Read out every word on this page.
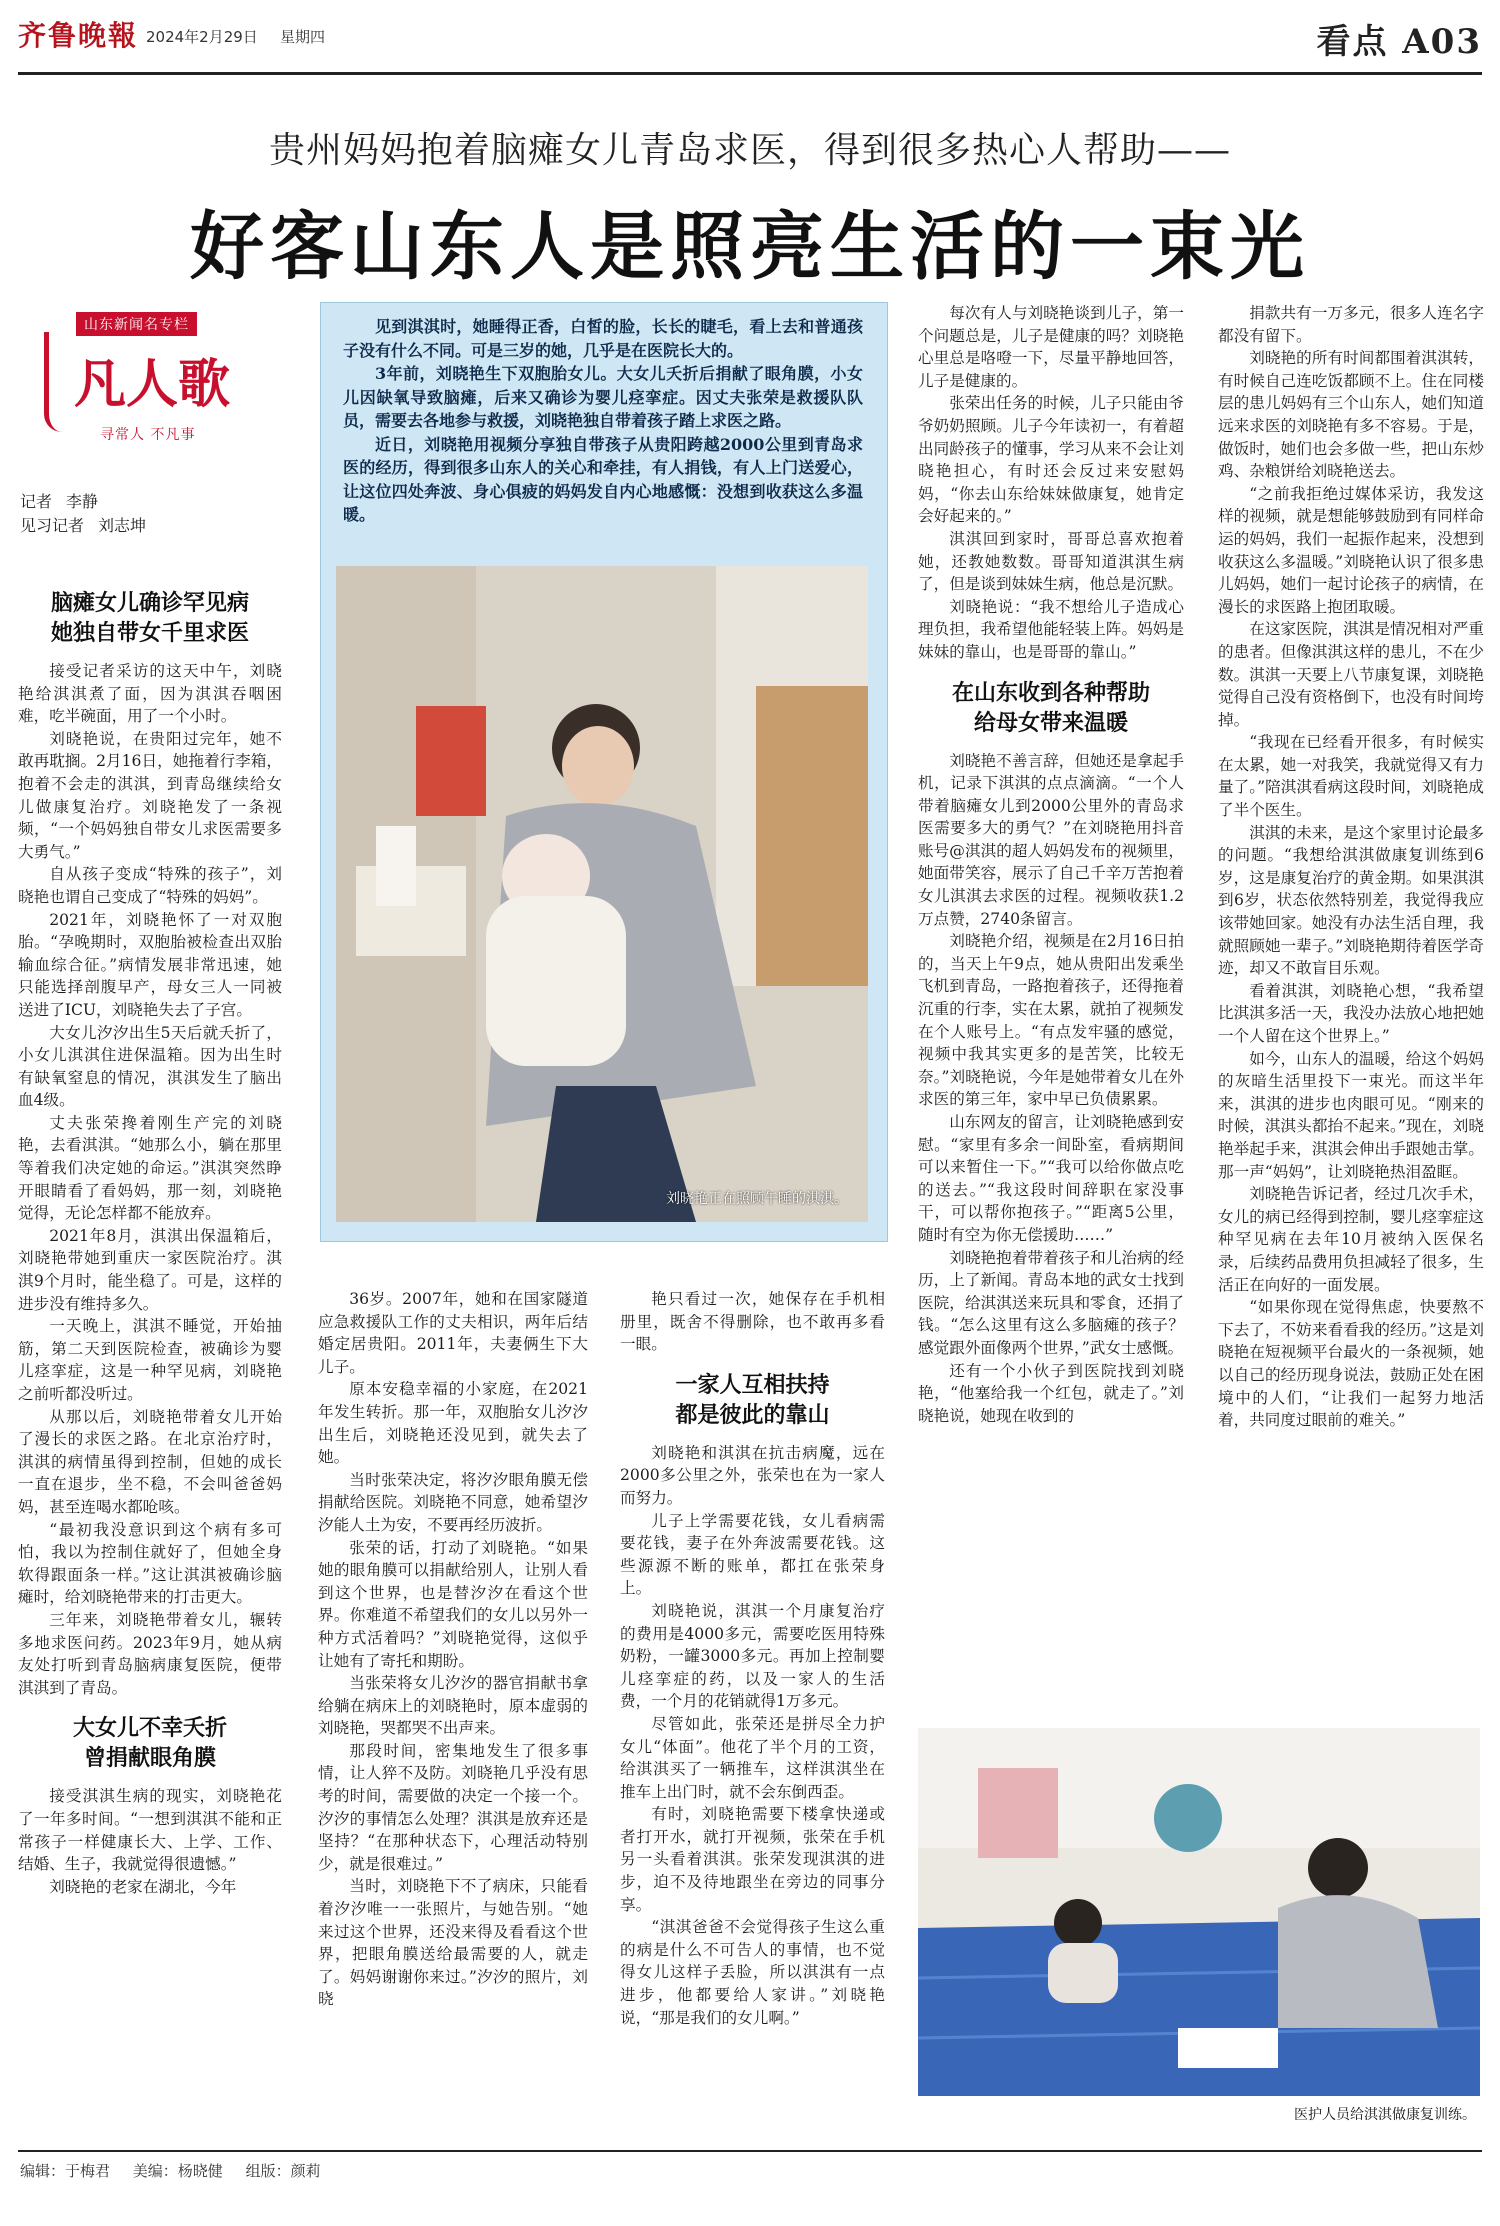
齐鲁晚報 2024年2月29日 星期四	看点 A03
贵州妈妈抱着脑瘫女儿青岛求医，得到很多热心人帮助——
好客山东人是照亮生活的一束光
山东新闻名专栏
凡人歌
寻常人 不凡事
记者 李静
见习记者 刘志坤
脑瘫女儿确诊罕见病
她独自带女千里求医

接受记者采访的这天中午，刘晓艳给淇淇煮了面，因为淇淇吞咽困难，吃半碗面，用了一个小时。

刘晓艳说，在贵阳过完年，她不敢再耽搁。2月16日，她拖着行李箱，抱着不会走的淇淇，到青岛继续给女儿做康复治疗。刘晓艳发了一条视频，“一个妈妈独自带女儿求医需要多大勇气。”

自从孩子变成“特殊的孩子”，刘晓艳也谓自己变成了“特殊的妈妈”。

2021年，刘晓艳怀了一对双胞胎。“孕晚期时，双胞胎被检查出双胎输血综合征。”病情发展非常迅速，她只能选择剖腹早产，母女三人一同被送进了ICU，刘晓艳失去了子宫。

大女儿汐汐出生5天后就夭折了，小女儿淇淇住进保温箱。因为出生时有缺氧窒息的情况，淇淇发生了脑出血4级。

丈夫张荣搀着刚生产完的刘晓艳，去看淇淇。“她那么小，躺在那里等着我们决定她的命运。”淇淇突然睁开眼睛看了看妈妈，那一刻，刘晓艳觉得，无论怎样都不能放弃。

2021年8月，淇淇出保温箱后，刘晓艳带她到重庆一家医院治疗。淇淇9个月时，能坐稳了。可是，这样的进步没有维持多久。

一天晚上，淇淇不睡觉，开始抽筋，第二天到医院检查，被确诊为婴儿痉挛症，这是一种罕见病，刘晓艳之前听都没听过。

从那以后，刘晓艳带着女儿开始了漫长的求医之路。在北京治疗时，淇淇的病情虽得到控制，但她的成长一直在退步，坐不稳，不会叫爸爸妈妈，甚至连喝水都呛咳。

“最初我没意识到这个病有多可怕，我以为控制住就好了，但她全身软得跟面条一样。”这让淇淇被确诊脑瘫时，给刘晓艳带来的打击更大。

三年来，刘晓艳带着女儿，辗转多地求医问药。2023年9月，她从病友处打听到青岛脑病康复医院，便带淇淇到了青岛。

大女儿不幸夭折
曾捐献眼角膜

接受淇淇生病的现实，刘晓艳花了一年多时间。“一想到淇淇不能和正常孩子一样健康长大、上学、工作、结婚、生子，我就觉得很遗憾。”

刘晓艳的老家在湖北，今年

见到淇淇时，她睡得正香，白皙的脸，长长的睫毛，看上去和普通孩子没有什么不同。可是三岁的她，几乎是在医院长大的。

3年前，刘晓艳生下双胞胎女儿。大女儿夭折后捐献了眼角膜，小女儿因缺氧导致脑瘫，后来又确诊为婴儿痉挛症。因丈夫张荣是救援队队员，需要去各地参与救援，刘晓艳独自带着孩子踏上求医之路。

近日，刘晓艳用视频分享独自带孩子从贵阳跨越2000公里到青岛求医的经历，得到很多山东人的关心和牵挂，有人捐钱，有人上门送爱心，让这位四处奔波、身心俱疲的妈妈发自内心地感慨：没想到收获这么多温暖。

刘晓艳正在照顾午睡的淇淇。

36岁。2007年，她和在国家隧道应急救援队工作的丈夫相识，两年后结婚定居贵阳。2011年，夫妻俩生下大儿子。

原本安稳幸福的小家庭，在2021年发生转折。那一年，双胞胎女儿汐汐出生后，刘晓艳还没见到，就失去了她。

当时张荣决定，将汐汐眼角膜无偿捐献给医院。刘晓艳不同意，她希望汐汐能人土为安，不要再经历波折。

张荣的话，打动了刘晓艳。“如果她的眼角膜可以捐献给别人，让别人看到这个世界，也是替汐汐在看这个世界。你难道不希望我们的女儿以另外一种方式活着吗？”刘晓艳觉得，这似乎让她有了寄托和期盼。

当张荣将女儿汐汐的器官捐献书拿给躺在病床上的刘晓艳时，原本虚弱的刘晓艳，哭都哭不出声来。

那段时间，密集地发生了很多事情，让人猝不及防。刘晓艳几乎没有思考的时间，需要做的决定一个接一个。汐汐的事情怎么处理？淇淇是放弃还是坚持？“在那种状态下，心理活动特别少，就是很难过。”

当时，刘晓艳下不了病床，只能看着汐汐唯一一张照片，与她告别。“她来过这个世界，还没来得及看看这个世界，把眼角膜送给最需要的人，就走了。妈妈谢谢你来过。”汐汐的照片，刘晓

艳只看过一次，她保存在手机相册里，既舍不得删除，也不敢再多看一眼。

一家人互相扶持
都是彼此的靠山

刘晓艳和淇淇在抗击病魔，远在2000多公里之外，张荣也在为一家人而努力。

儿子上学需要花钱，女儿看病需要花钱，妻子在外奔波需要花钱。这些源源不断的账单，都扛在张荣身上。

刘晓艳说，淇淇一个月康复治疗的费用是4000多元，需要吃医用特殊奶粉，一罐3000多元。再加上控制婴儿痉挛症的药，以及一家人的生活费，一个月的花销就得1万多元。

尽管如此，张荣还是拼尽全力护女儿“体面”。他花了半个月的工资，给淇淇买了一辆推车，这样淇淇坐在推车上出门时，就不会东倒西歪。

有时，刘晓艳需要下楼拿快递或者打开水，就打开视频，张荣在手机另一头看着淇淇。张荣发现淇淇的进步，迫不及待地跟坐在旁边的同事分享。

“淇淇爸爸不会觉得孩子生这么重的病是什么不可告人的事情，也不觉得女儿这样子丢脸，所以淇淇有一点进步，他都要给人家讲。”刘晓艳说，“那是我们的女儿啊。”

每次有人与刘晓艳谈到儿子，第一个问题总是，儿子是健康的吗？刘晓艳心里总是咯噔一下，尽量平静地回答，儿子是健康的。

张荣出任务的时候，儿子只能由爷爷奶奶照顾。儿子今年读初一，有着超出同龄孩子的懂事，学习从来不会让刘晓艳担心，有时还会反过来安慰妈妈，“你去山东给妹妹做康复，她肯定会好起来的。”

淇淇回到家时，哥哥总喜欢抱着她，还教她数数。哥哥知道淇淇生病了，但是谈到妹妹生病，他总是沉默。

刘晓艳说：“我不想给儿子造成心理负担，我希望他能轻装上阵。妈妈是妹妹的靠山，也是哥哥的靠山。”

在山东收到各种帮助
给母女带来温暖

刘晓艳不善言辞，但她还是拿起手机，记录下淇淇的点点滴滴。“一个人带着脑瘫女儿到2000公里外的青岛求医需要多大的勇气？”在刘晓艳用抖音账号@淇淇的超人妈妈发布的视频里，她面带笑容，展示了自己千辛万苦抱着女儿淇淇去求医的过程。视频收获1.2万点赞，2740条留言。

刘晓艳介绍，视频是在2月16日拍的，当天上午9点，她从贵阳出发乘坐飞机到青岛，一路抱着孩子，还得拖着沉重的行李，实在太累，就拍了视频发在个人账号上。“有点发牢骚的感觉，视频中我其实更多的是苦笑，比较无奈。”刘晓艳说，今年是她带着女儿在外求医的第三年，家中早已负债累累。

山东网友的留言，让刘晓艳感到安慰。“家里有多余一间卧室，看病期间可以来暂住一下。”“我可以给你做点吃的送去。”“我这段时间辞职在家没事干，可以帮你抱孩子。”“距离5公里，随时有空为你无偿援助……”

刘晓艳抱着带着孩子和儿治病的经历，上了新闻。青岛本地的武女士找到医院，给淇淇送来玩具和零食，还捐了钱。“怎么这里有这么多脑瘫的孩子？感觉跟外面像两个世界，”武女士感慨。

还有一个小伙子到医院找到刘晓艳，“他塞给我一个红包，就走了。”刘晓艳说，她现在收到的

捐款共有一万多元，很多人连名字都没有留下。

刘晓艳的所有时间都围着淇淇转，有时候自己连吃饭都顾不上。住在同楼层的患儿妈妈有三个山东人，她们知道远来求医的刘晓艳有多不容易。于是，做饭时，她们也会多做一些，把山东炒鸡、杂粮饼给刘晓艳送去。

“之前我拒绝过媒体采访，我发这样的视频，就是想能够鼓励到有同样命运的妈妈，我们一起振作起来，没想到收获这么多温暖。”刘晓艳认识了很多患儿妈妈，她们一起讨论孩子的病情，在漫长的求医路上抱团取暖。

在这家医院，淇淇是情况相对严重的患者。但像淇淇这样的患儿，不在少数。淇淇一天要上八节康复课，刘晓艳觉得自己没有资格倒下，也没有时间垮掉。

“我现在已经看开很多，有时候实在太累，她一对我笑，我就觉得又有力量了。”陪淇淇看病这段时间，刘晓艳成了半个医生。

淇淇的未来，是这个家里讨论最多的问题。“我想给淇淇做康复训练到6岁，这是康复治疗的黄金期。如果淇淇到6岁，状态依然特别差，我觉得我应该带她回家。她没有办法生活自理，我就照顾她一辈子。”刘晓艳期待着医学奇迹，却又不敢盲目乐观。

看着淇淇，刘晓艳心想，“我希望比淇淇多活一天，我没办法放心地把她一个人留在这个世界上。”

如今，山东人的温暖，给这个妈妈的灰暗生活里投下一束光。而这半年来，淇淇的进步也肉眼可见。“刚来的时候，淇淇头都抬不起来。”现在，刘晓艳举起手来，淇淇会伸出手跟她击掌。那一声“妈妈”，让刘晓艳热泪盈眶。

刘晓艳告诉记者，经过几次手术，女儿的病已经得到控制，婴儿痉挛症这种罕见病在去年10月被纳入医保名录，后续药品费用负担减轻了很多，生活正在向好的一面发展。

“如果你现在觉得焦虑，快要熬不下去了，不妨来看看我的经历。”这是刘晓艳在短视频平台最火的一条视频，她以自己的经历现身说法，鼓励正处在困境中的人们，“让我们一起努力地活着，共同度过眼前的难关。”

医护人员给淇淇做康复训练。
编辑：于梅君 美编：杨晓健 组版：颜莉
